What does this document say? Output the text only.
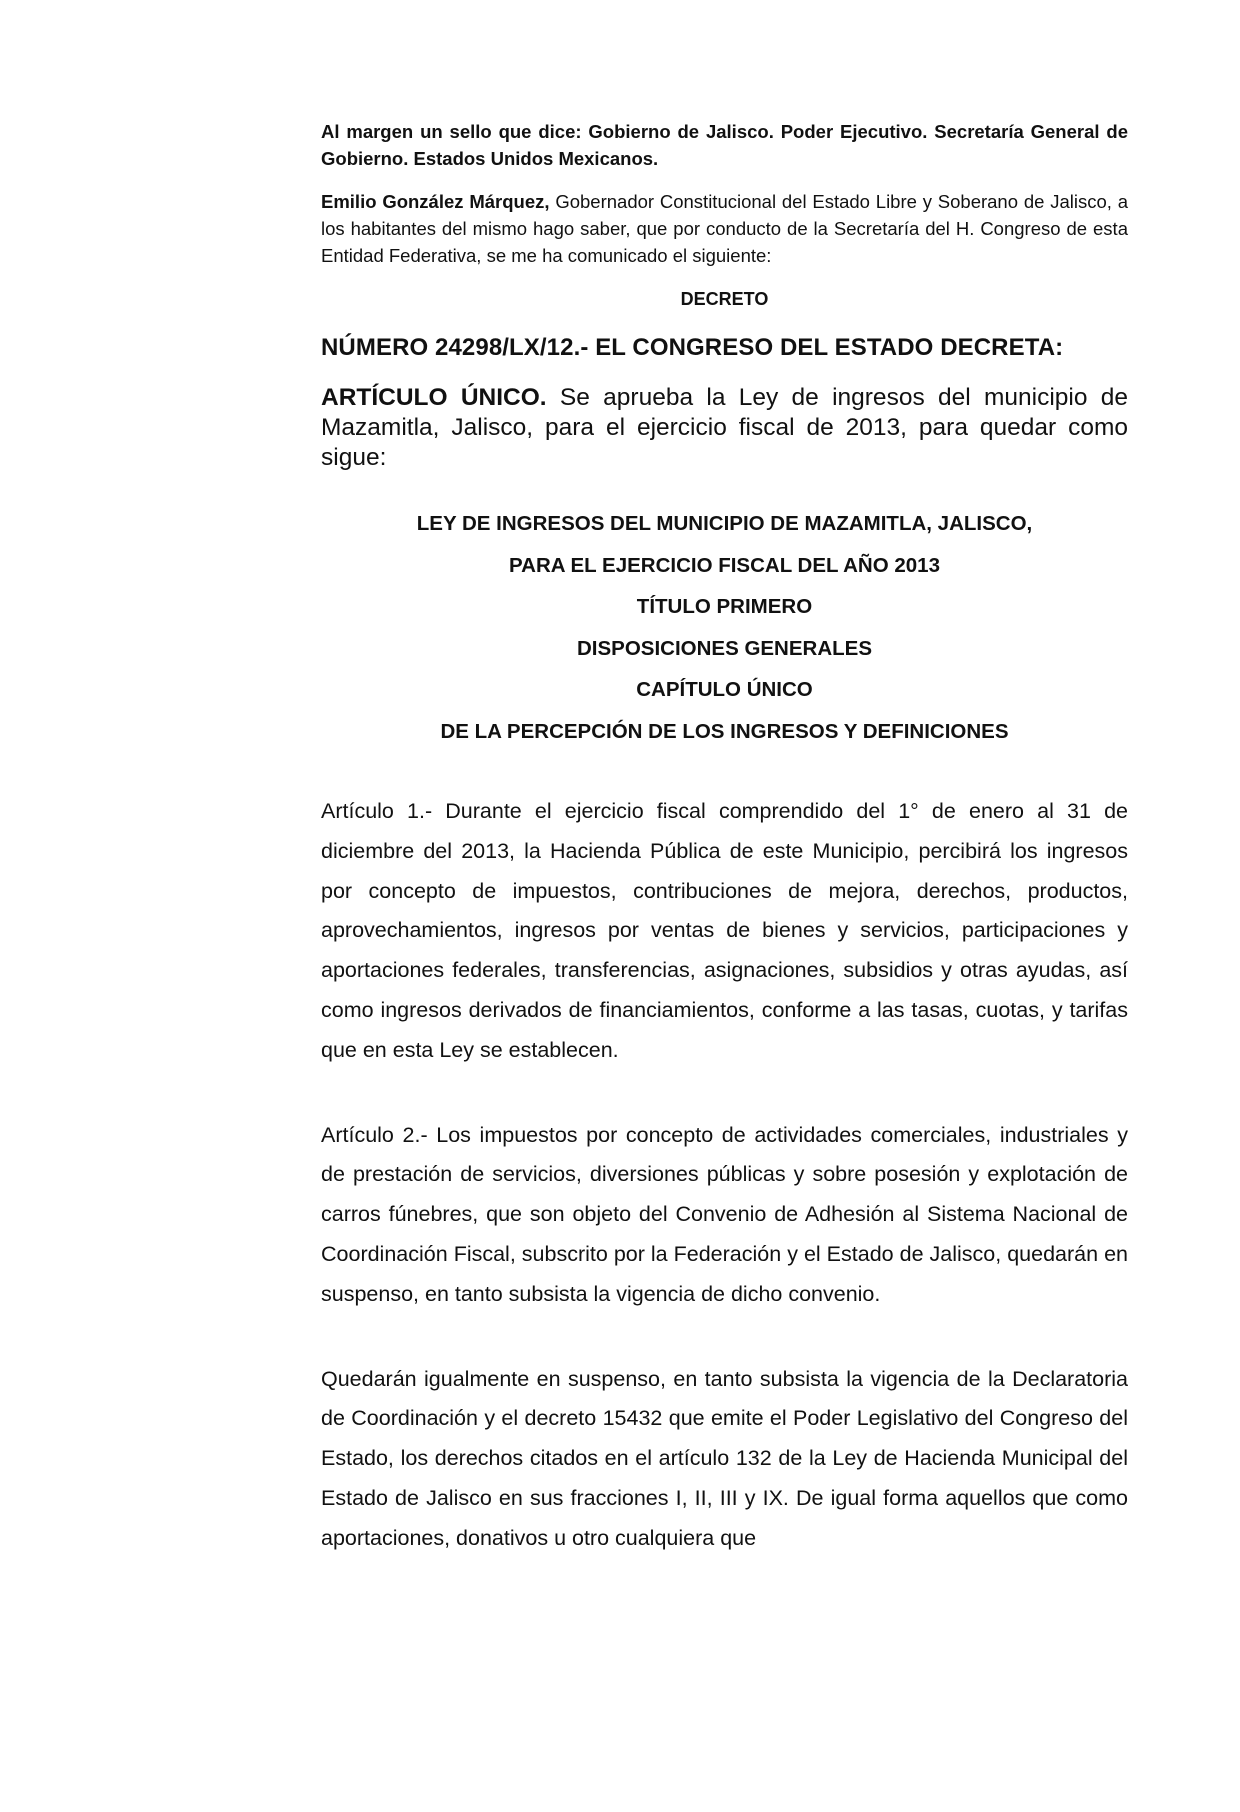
Al margen un sello que dice: Gobierno de Jalisco. Poder Ejecutivo. Secretaría General de Gobierno. Estados Unidos Mexicanos.

Emilio González Márquez, Gobernador Constitucional del Estado Libre y Soberano de Jalisco, a los habitantes del mismo hago saber, que por conducto de la Secretaría del H. Congreso de esta Entidad Federativa, se me ha comunicado el siguiente:

DECRETO
NÚMERO 24298/LX/12.- EL CONGRESO DEL ESTADO DECRETA:

ARTÍCULO ÚNICO. Se aprueba la Ley de ingresos del municipio de Mazamitla, Jalisco, para el ejercicio fiscal de 2013, para quedar como sigue:

LEY DE INGRESOS DEL MUNICIPIO DE MAZAMITLA, JALISCO,
PARA EL EJERCICIO FISCAL DEL AÑO 2013
TÍTULO PRIMERO
DISPOSICIONES GENERALES
CAPÍTULO ÚNICO
DE LA PERCEPCIÓN DE LOS INGRESOS Y DEFINICIONES

Artículo 1.- Durante el ejercicio fiscal comprendido del 1° de enero al 31 de diciembre del 2013, la Hacienda Pública de este Municipio, percibirá los ingresos por concepto de impuestos, contribuciones de mejora, derechos, productos, aprovechamientos, ingresos por ventas de bienes y servicios, participaciones y aportaciones federales, transferencias, asignaciones, subsidios y otras ayudas, así como ingresos derivados de financiamientos, conforme a las tasas, cuotas, y tarifas que en esta Ley se establecen.

Artículo 2.- Los impuestos por concepto de actividades comerciales, industriales y de prestación de servicios, diversiones públicas y sobre posesión y explotación de carros fúnebres, que son objeto del Convenio de Adhesión al Sistema Nacional de Coordinación Fiscal, subscrito por la Federación y el Estado de Jalisco, quedarán en suspenso, en tanto subsista la vigencia de dicho convenio.

Quedarán igualmente en suspenso, en tanto subsista la vigencia de la Declaratoria de Coordinación y el decreto 15432 que emite el Poder Legislativo del Congreso del Estado, los derechos citados en el artículo 132 de la Ley de Hacienda Municipal del Estado de Jalisco en sus fracciones I, II, III y IX. De igual forma aquellos que como aportaciones, donativos u otro cualquiera que
